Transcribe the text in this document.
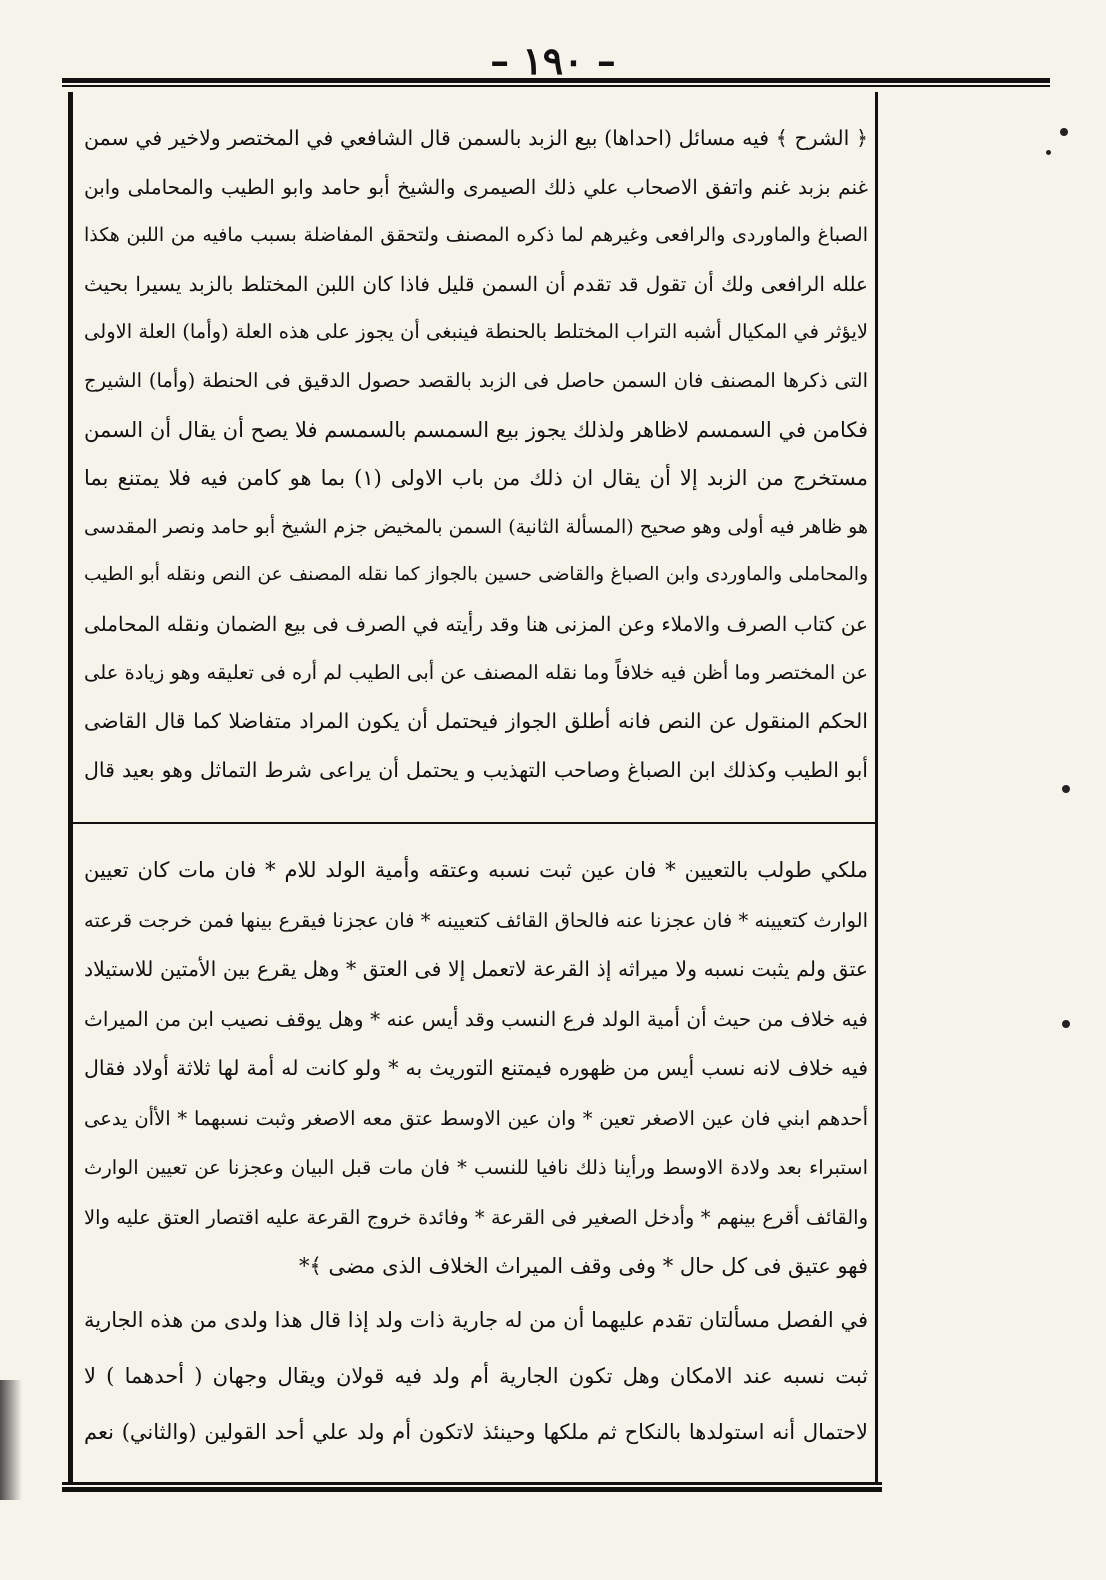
– ١٩٠ –
﴿ الشرح ﴾ فيه مسائل (احداها) بيع الزبد بالسمن قال الشافعي في المختصر ولاخير في سمن
غنم بزبد غنم واتفق الاصحاب علي ذلك الصيمرى والشيخ أبو حامد وابو الطيب والمحاملى وابن
الصباغ والماوردى والرافعى وغيرهم لما ذكره المصنف ولتحقق المفاضلة بسبب مافيه من اللبن هكذا
علله الرافعى ولك أن تقول قد تقدم أن السمن قليل فاذا كان اللبن المختلط بالزبد يسيرا بحيث
لايؤثر في المكيال أشبه التراب المختلط بالحنطة فينبغى أن يجوز على هذه العلة (وأما) العلة الاولى
التى ذكرها المصنف فان السمن حاصل فى الزبد بالقصد حصول الدقيق فى الحنطة (وأما) الشيرج
فكامن في السمسم لاظاهر ولذلك يجوز بيع السمسم بالسمسم فلا يصح أن يقال أن السمن
مستخرج من الزبد إلا أن يقال ان ذلك من باب الاولى (١) بما هو كامن فيه فلا يمتنع بما
هو ظاهر فيه أولى وهو صحيح (المسألة الثانية) السمن بالمخيض جزم الشيخ أبو حامد ونصر المقدسى
والمحاملى والماوردى وابن الصباغ والقاضى حسين بالجواز كما نقله المصنف عن النص ونقله أبو الطيب
عن كتاب الصرف والاملاء وعن المزنى هنا وقد رأيته في الصرف فى بيع الضمان ونقله المحاملى
عن المختصر وما أظن فيه خلافاً وما نقله المصنف عن أبى الطيب لم أره فى تعليقه وهو زيادة على
الحكم المنقول عن النص فانه أطلق الجواز فيحتمل أن يكون المراد متفاضلا كما قال القاضى
أبو الطيب وكذلك ابن الصباغ وصاحب التهذيب و يحتمل أن يراعى شرط التماثل وهو بعيد قال
ملكي طولب بالتعيين * فان عين ثبت نسبه وعتقه وأمية الولد للام * فان مات كان تعيين
الوارث كتعيينه * فان عجزنا عنه فالحاق القائف كتعيينه * فان عجزنا فيقرع بينها فمن خرجت قرعته
عتق ولم يثبت نسبه ولا ميراثه إذ القرعة لاتعمل إلا فى العتق * وهل يقرع بين الأمتين للاستيلاد
فيه خلاف من حيث أن أمية الولد فرع النسب وقد أيس عنه * وهل يوقف نصيب ابن من الميراث
فيه خلاف لانه نسب أيس من ظهوره فيمتنع التوريث به * ولو كانت له أمة لها ثلاثة أولاد فقال
أحدهم ابني فان عين الاصغر تعين * وان عين الاوسط عتق معه الاصغر وثبت نسبهما * الأأن يدعى
استبراء بعد ولادة الاوسط ورأينا ذلك نافيا للنسب * فان مات قبل البيان وعجزنا عن تعيين الوارث
والقائف أقرع بينهم * وأدخل الصغير فى القرعة * وفائدة خروج القرعة عليه اقتصار العتق عليه والا
فهو عتيق فى كل حال * وفى وقف الميراث الخلاف الذى مضى ﴾*
في الفصل مسألتان تقدم عليهما أن من له جارية ذات ولد إذا قال هذا ولدى من هذه الجارية
ثبت نسبه عند الامكان وهل تكون الجارية أم ولد فيه قولان ويقال وجهان ( أحدهما ) لا
لاحتمال أنه استولدها بالنكاح ثم ملكها وحينئذ لاتكون أم ولد علي أحد القولين (والثاني) نعم
